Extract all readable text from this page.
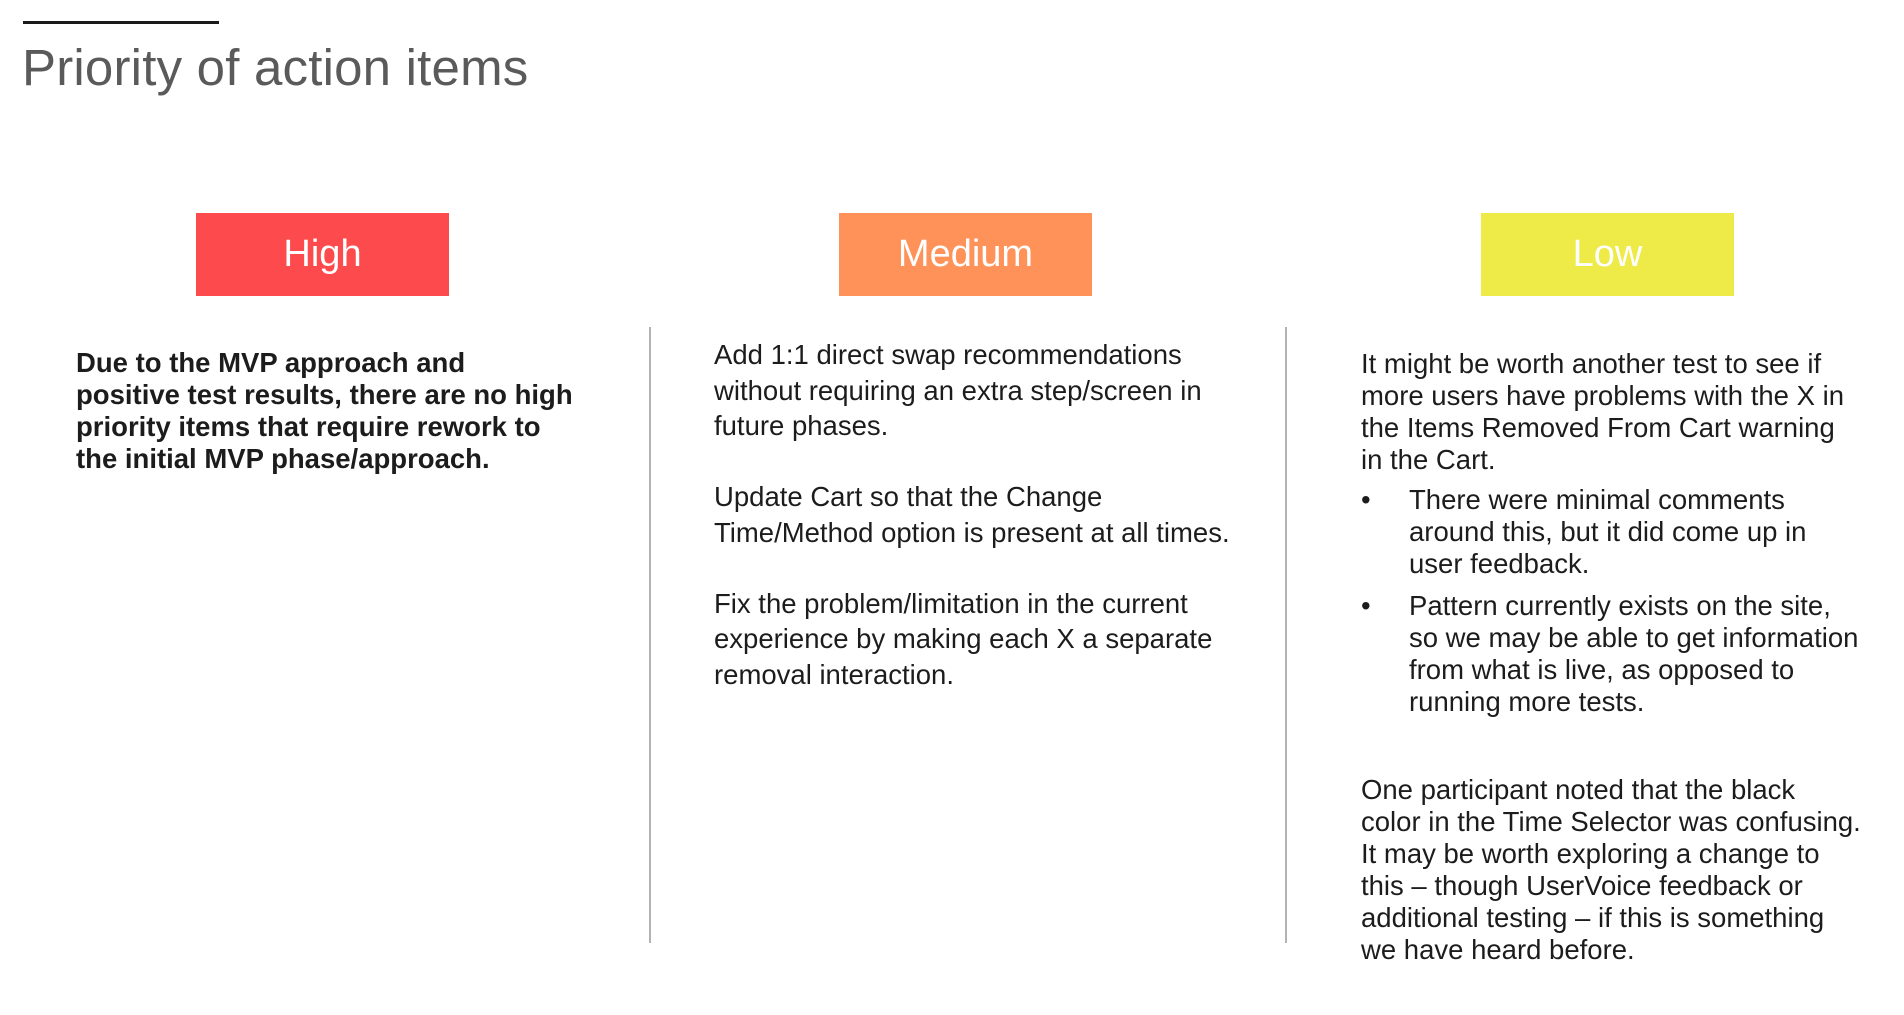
Priority of action items
High	Medium	Low

Due to the MVP approach and positive test results, there are no high priority items that require rework to the initial MVP phase/approach.

Add 1:1 direct swap recommendations without requiring an extra step/screen in future phases.

Update Cart so that the Change Time/Method option is present at all times.

Fix the problem/limitation in the current experience by making each X a separate removal interaction.

It might be worth another test to see if more users have problems with the X in the Items Removed From Cart warning in the Cart.

• There were minimal comments around this, but it did come up in user feedback.
• Pattern currently exists on the site, so we may be able to get information from what is live, as opposed to running more tests.

One participant noted that the black color in the Time Selector was confusing. It may be worth exploring a change to this – though UserVoice feedback or additional testing – if this is something we have heard before.
